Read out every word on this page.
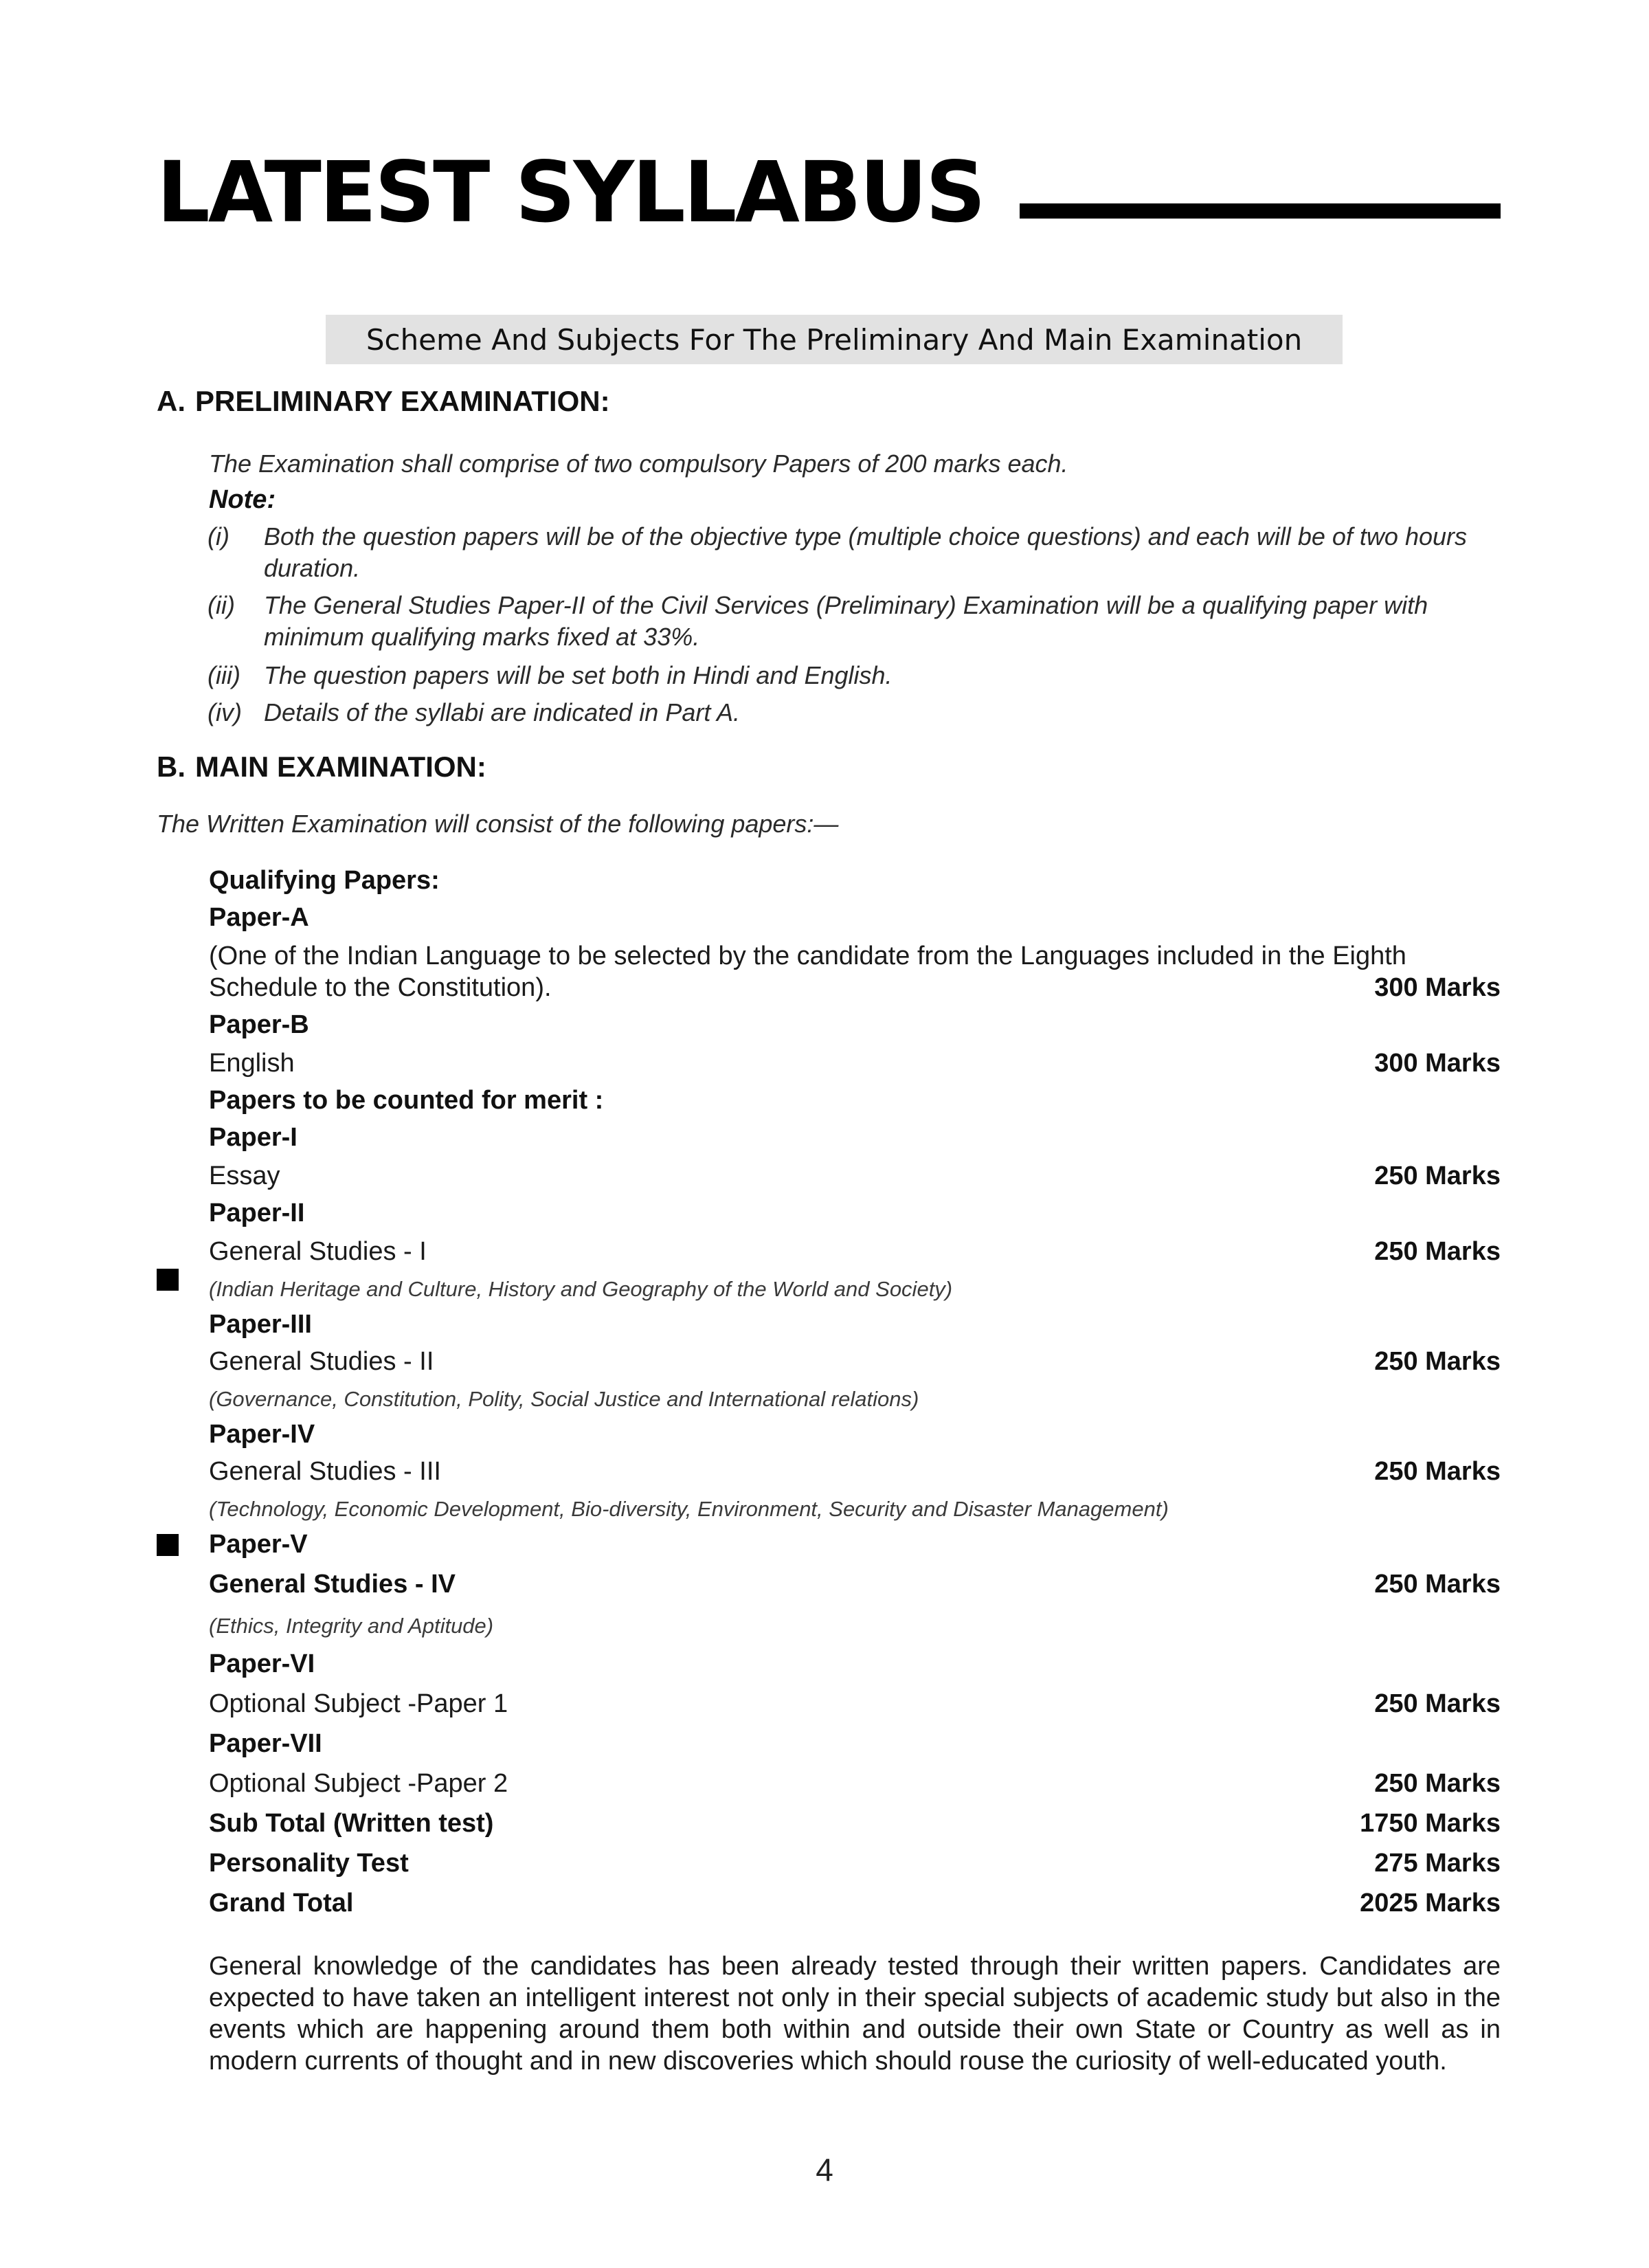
LATEST SYLLABUS
Scheme And Subjects For The Preliminary And Main Examination
A. PRELIMINARY EXAMINATION:

The Examination shall comprise of two compulsory Papers of 200 marks each.

Note:

(i)	Both the question papers will be of the objective type (multiple choice questions) and each will be of two hours duration.
(ii)	The General Studies Paper-II of the Civil Services (Preliminary) Examination will be a qualifying paper with minimum qualifying marks fixed at 33%.
(iii) The question papers will be set both in Hindi and English.
(iv) Details of the syllabi are indicated in Part A.
B. MAIN EXAMINATION:

The Written Examination will consist of the following papers:—

Qualifying Papers:
Paper-A
(One of the Indian Language to be selected by the candidate from the Languages included in the Eighth
Schedule to the Constitution).	300 Marks
Paper-B
English	300 Marks
Papers to be counted for merit :
Paper-I
Essay	250 Marks
Paper-II
General Studies - I	250 Marks
(Indian Heritage and Culture, History and Geography of the World and Society)
Paper-III
General Studies - II	250 Marks
(Governance, Constitution, Polity, Social Justice and International relations)
Paper-IV
General Studies - III	250 Marks
(Technology, Economic Development, Bio-diversity, Environment, Security and Disaster Management)
Paper-V
General Studies - IV	250 Marks
(Ethics, Integrity and Aptitude)
Paper-VI
Optional Subject -Paper 1	250 Marks
Paper-VII
Optional Subject -Paper 2	250 Marks
Sub Total (Written test)	1750 Marks
Personality Test	275 Marks
Grand Total	2025 Marks

General knowledge of the candidates has been already tested through their written papers. Candidates are expected to have taken an intelligent interest not only in their special subjects of academic study but also in the events which are happening around them both within and outside their own State or Country as well as in modern currents of thought and in new discoveries which should rouse the curiosity of well-educated youth.

4
